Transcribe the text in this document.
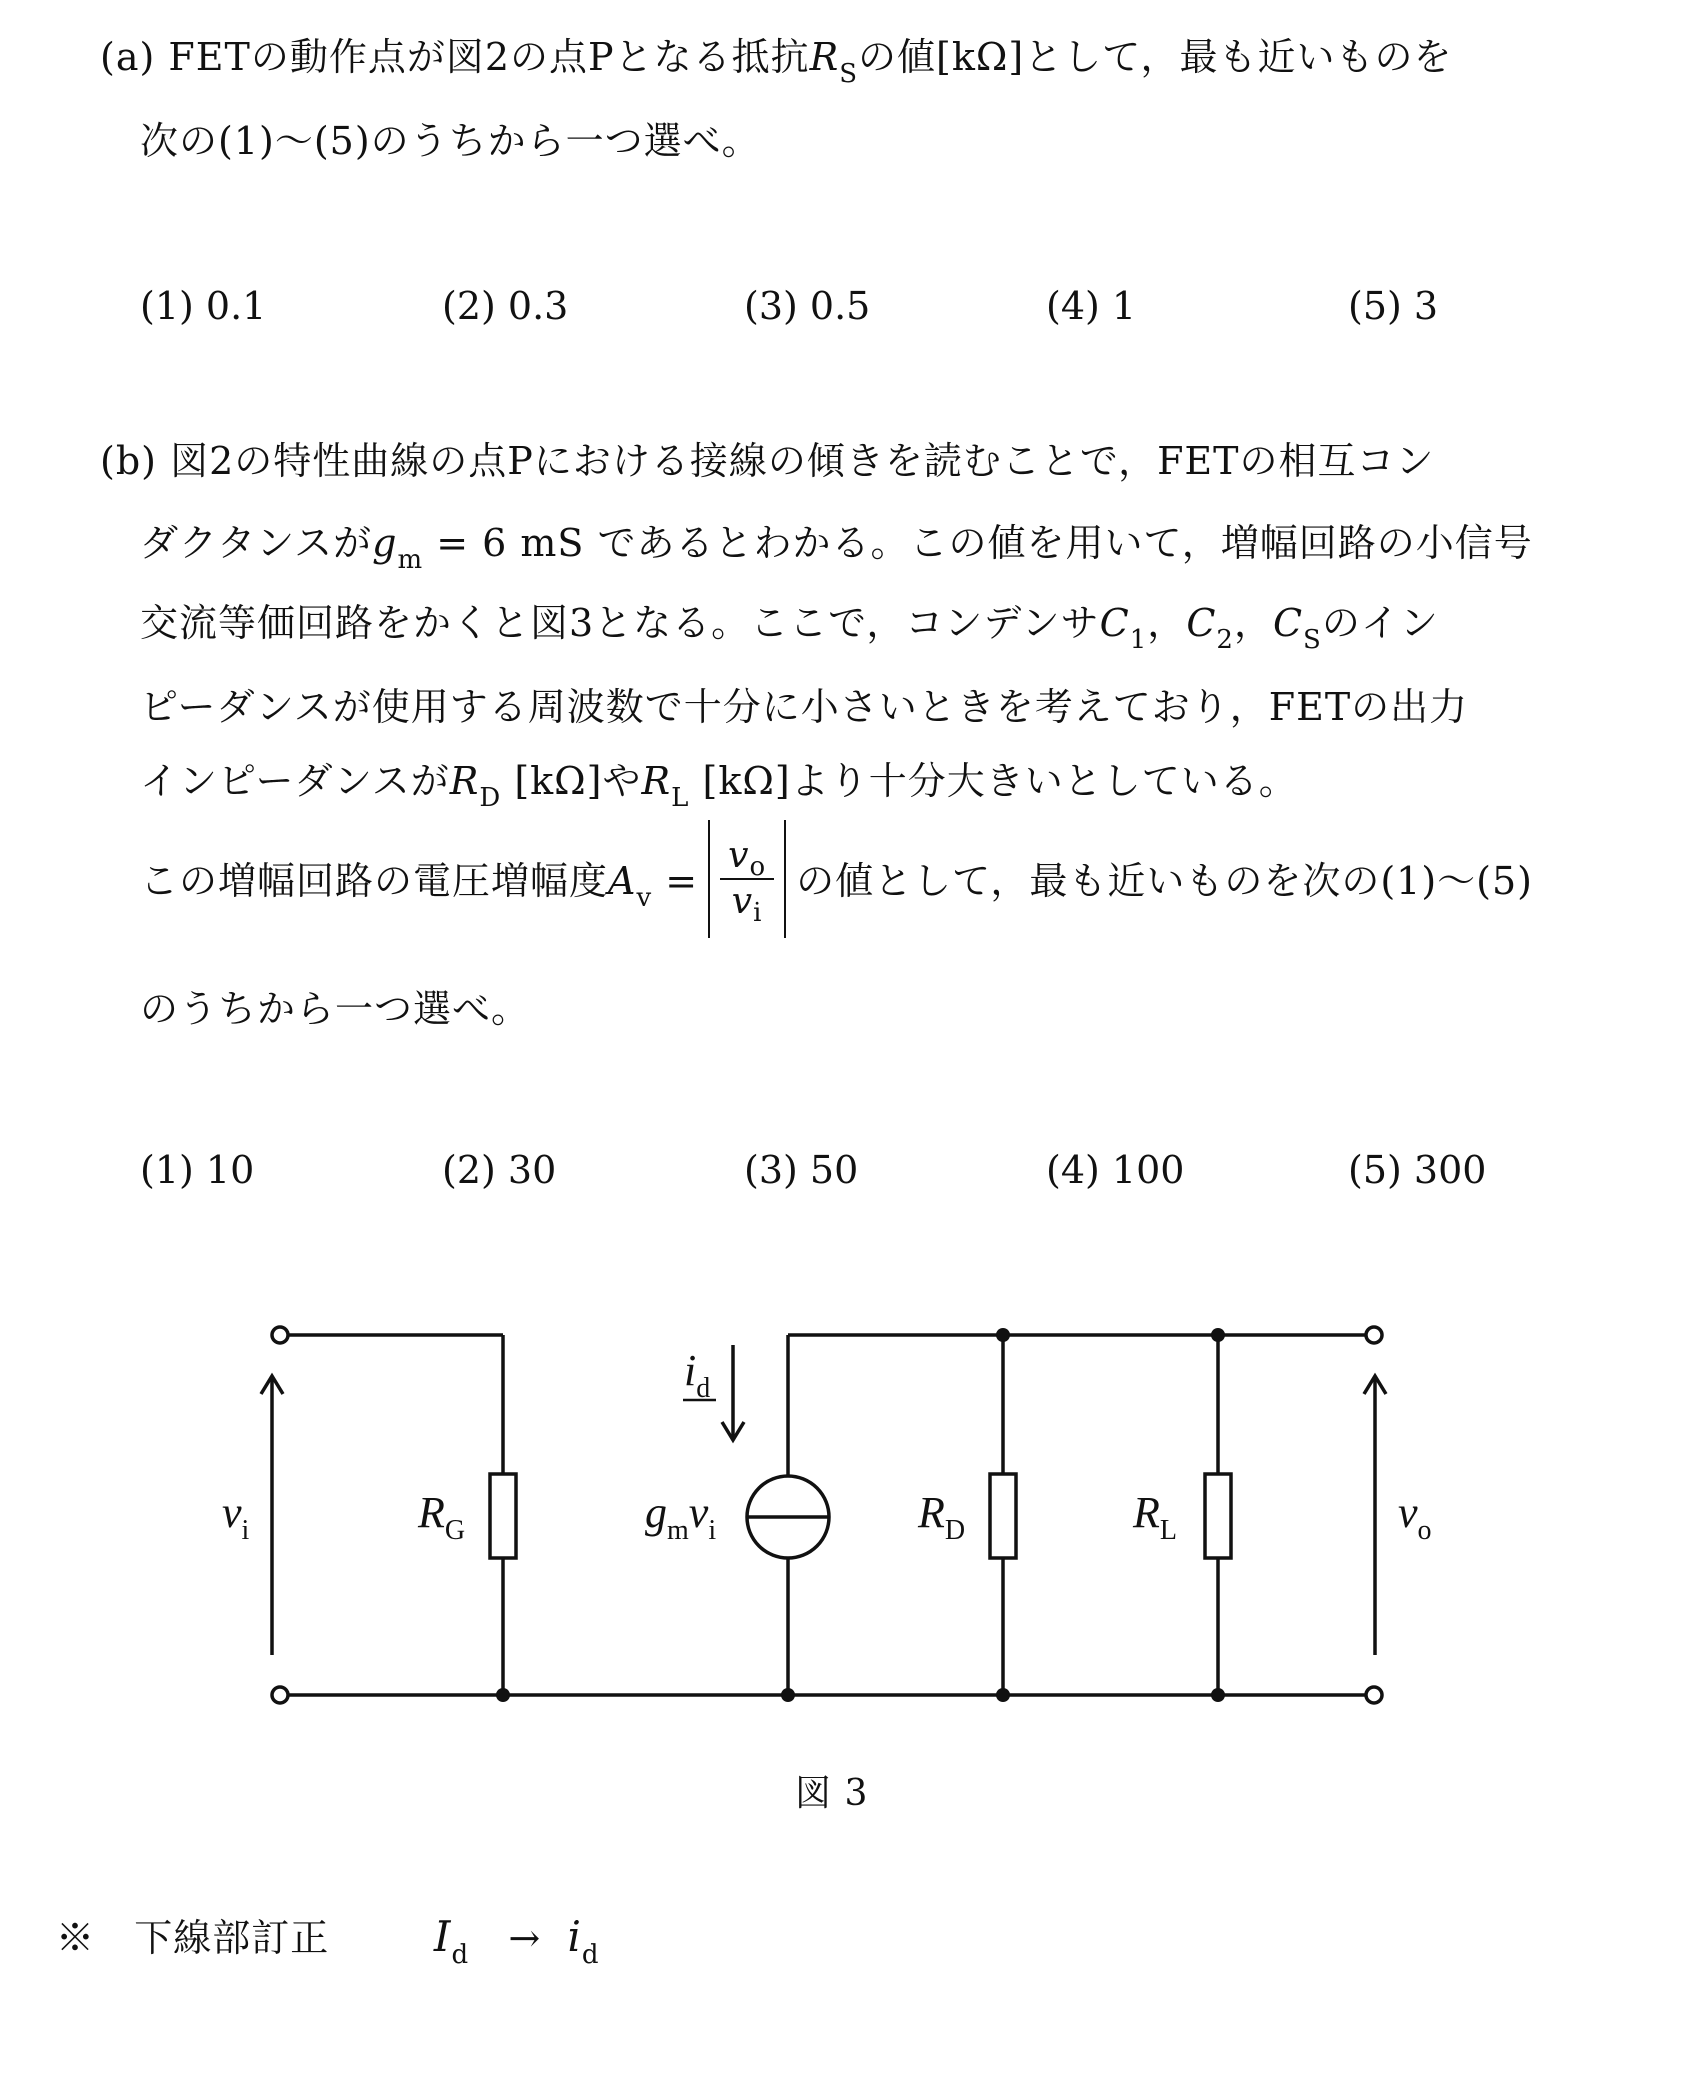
(a) FETの動作点が図2の点Pとなる抵抗$R_S$の値[kΩ]として，最も近いものを
次の(1)～(5)のうちから一つ選べ。
(1) 0.1	(2) 0.3	(3) 0.5	(4) 1	(5) 3
(b) 図2の特性曲線の点Pにおける接線の傾きを読むことで，FETの相互コン
ダクタンスが$g_m = 6$ mS であるとわかる。この値を用いて，増幅回路の小信号
交流等価回路をかくと図3となる。ここで，コンデンサ$C_1$，$C_2$，$C_S$のイン
ピーダンスが使用する周波数で十分に小さいときを考えており，FETの出力
インピーダンスが$R_D$ [kΩ]や$R_L$ [kΩ]より十分大きいとしている。
この増幅回路の電圧増幅度$A_v = \frac{v_o}{v_i}$ の値として，最も近いものを次の(1)～(5)
のうちから一つ選べ。
(1) 10	(2) 30	(3) 50	(4) 100	(5) 300
$v_i$	$R_G$
$i_d$
$g_mv_i$	$R_D$	$R_L$	$v_o$
図 3
※ 下線部訂正 $I_d \to i_d$
